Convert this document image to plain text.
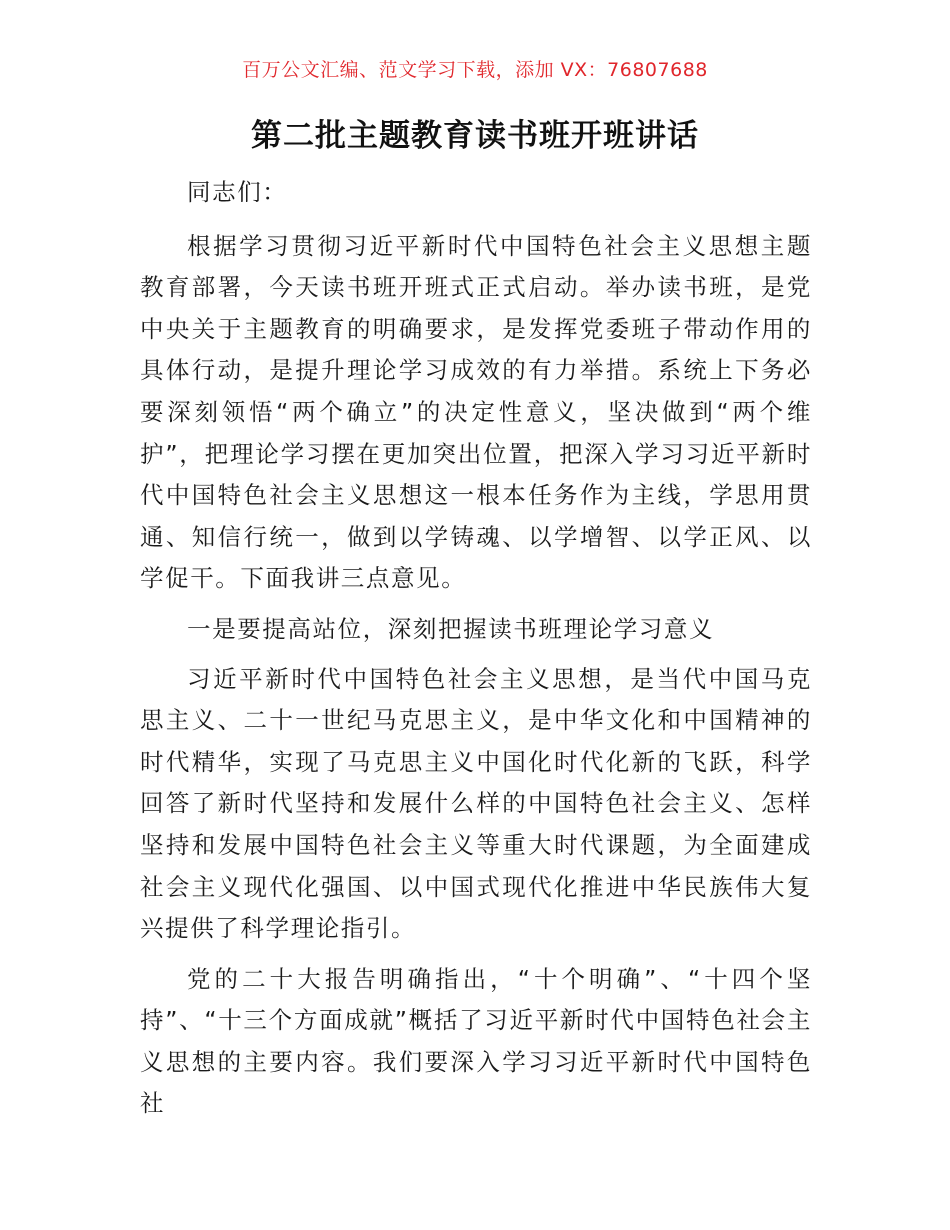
百万公文汇编、范文学习下载，添加 VX：76807688
第二批主题教育读书班开班讲话

同志们：

根据学习贯彻习近平新时代中国特色社会主义思想主题教育部署，今天读书班开班式正式启动。举办读书班，是党中央关于主题教育的明确要求，是发挥党委班子带动作用的具体行动，是提升理论学习成效的有力举措。系统上下务必要深刻领悟“两个确立”的决定性意义，坚决做到“两个维护”，把理论学习摆在更加突出位置，把深入学习习近平新时代中国特色社会主义思想这一根本任务作为主线，学思用贯通、知信行统一，做到以学铸魂、以学增智、以学正风、以学促干。下面我讲三点意见。

一是要提高站位，深刻把握读书班理论学习意义

习近平新时代中国特色社会主义思想，是当代中国马克思主义、二十一世纪马克思主义，是中华文化和中国精神的时代精华，实现了马克思主义中国化时代化新的飞跃，科学回答了新时代坚持和发展什么样的中国特色社会主义、怎样坚持和发展中国特色社会主义等重大时代课题，为全面建成社会主义现代化强国、以中国式现代化推进中华民族伟大复兴提供了科学理论指引。

党的二十大报告明确指出，“十个明确”、“十四个坚持”、“十三个方面成就”概括了习近平新时代中国特色社会主义思想的主要内容。我们要深入学习习近平新时代中国特色社
